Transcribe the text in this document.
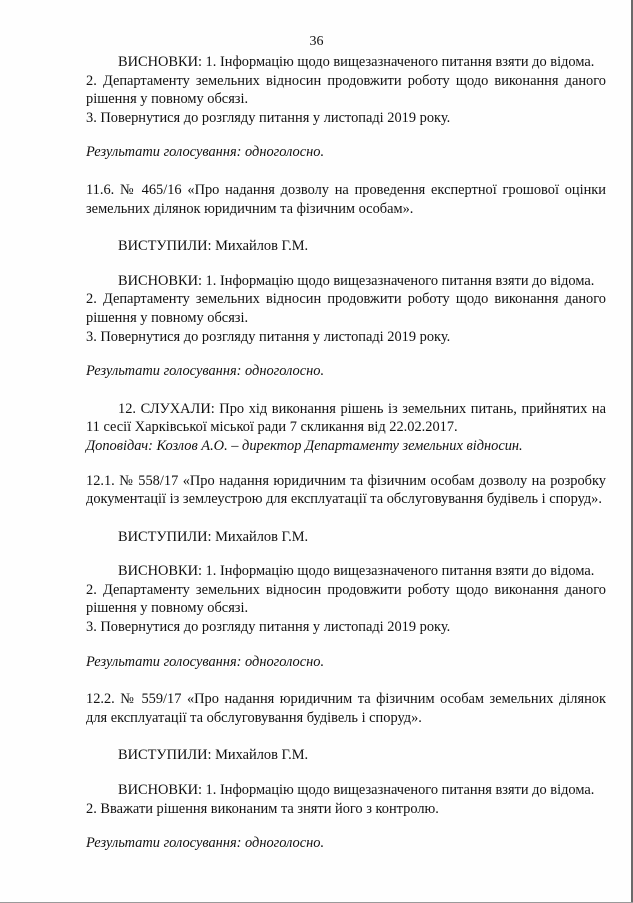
36

ВИСНОВКИ: 1. Інформацію щодо вищезазначеного питання взяти до відома.

2. Департаменту земельних відносин продовжити роботу щодо виконання даного рішення у повному обсязі.

3. Повернутися до розгляду питання у листопаді 2019 року.

Результати голосування: одноголосно.

11.6. № 465/16 «Про надання дозволу на проведення експертної грошової оцінки земельних ділянок юридичним та фізичним особам».

ВИСТУПИЛИ: Михайлов Г.М.

ВИСНОВКИ: 1. Інформацію щодо вищезазначеного питання взяти до відома.

2. Департаменту земельних відносин продовжити роботу щодо виконання даного рішення у повному обсязі.

3. Повернутися до розгляду питання у листопаді 2019 року.

Результати голосування: одноголосно.

12. СЛУХАЛИ: Про хід виконання рішень із земельних питань, прийнятих на 11 сесії Харківської міської ради 7 скликання від 22.02.2017.

Доповідач: Козлов А.О. – директор Департаменту земельних відносин.

12.1. № 558/17 «Про надання юридичним та фізичним особам дозволу на розробку документації із землеустрою для експлуатації та обслуговування будівель і споруд».

ВИСТУПИЛИ: Михайлов Г.М.

ВИСНОВКИ: 1. Інформацію щодо вищезазначеного питання взяти до відома.

2. Департаменту земельних відносин продовжити роботу щодо виконання даного рішення у повному обсязі.

3. Повернутися до розгляду питання у листопаді 2019 року.

Результати голосування: одноголосно.

12.2. № 559/17 «Про надання юридичним та фізичним особам земельних ділянок для експлуатації та обслуговування будівель і споруд».

ВИСТУПИЛИ: Михайлов Г.М.

ВИСНОВКИ: 1. Інформацію щодо вищезазначеного питання взяти до відома.

2. Вважати рішення виконаним та зняти його з контролю.

Результати голосування: одноголосно.
